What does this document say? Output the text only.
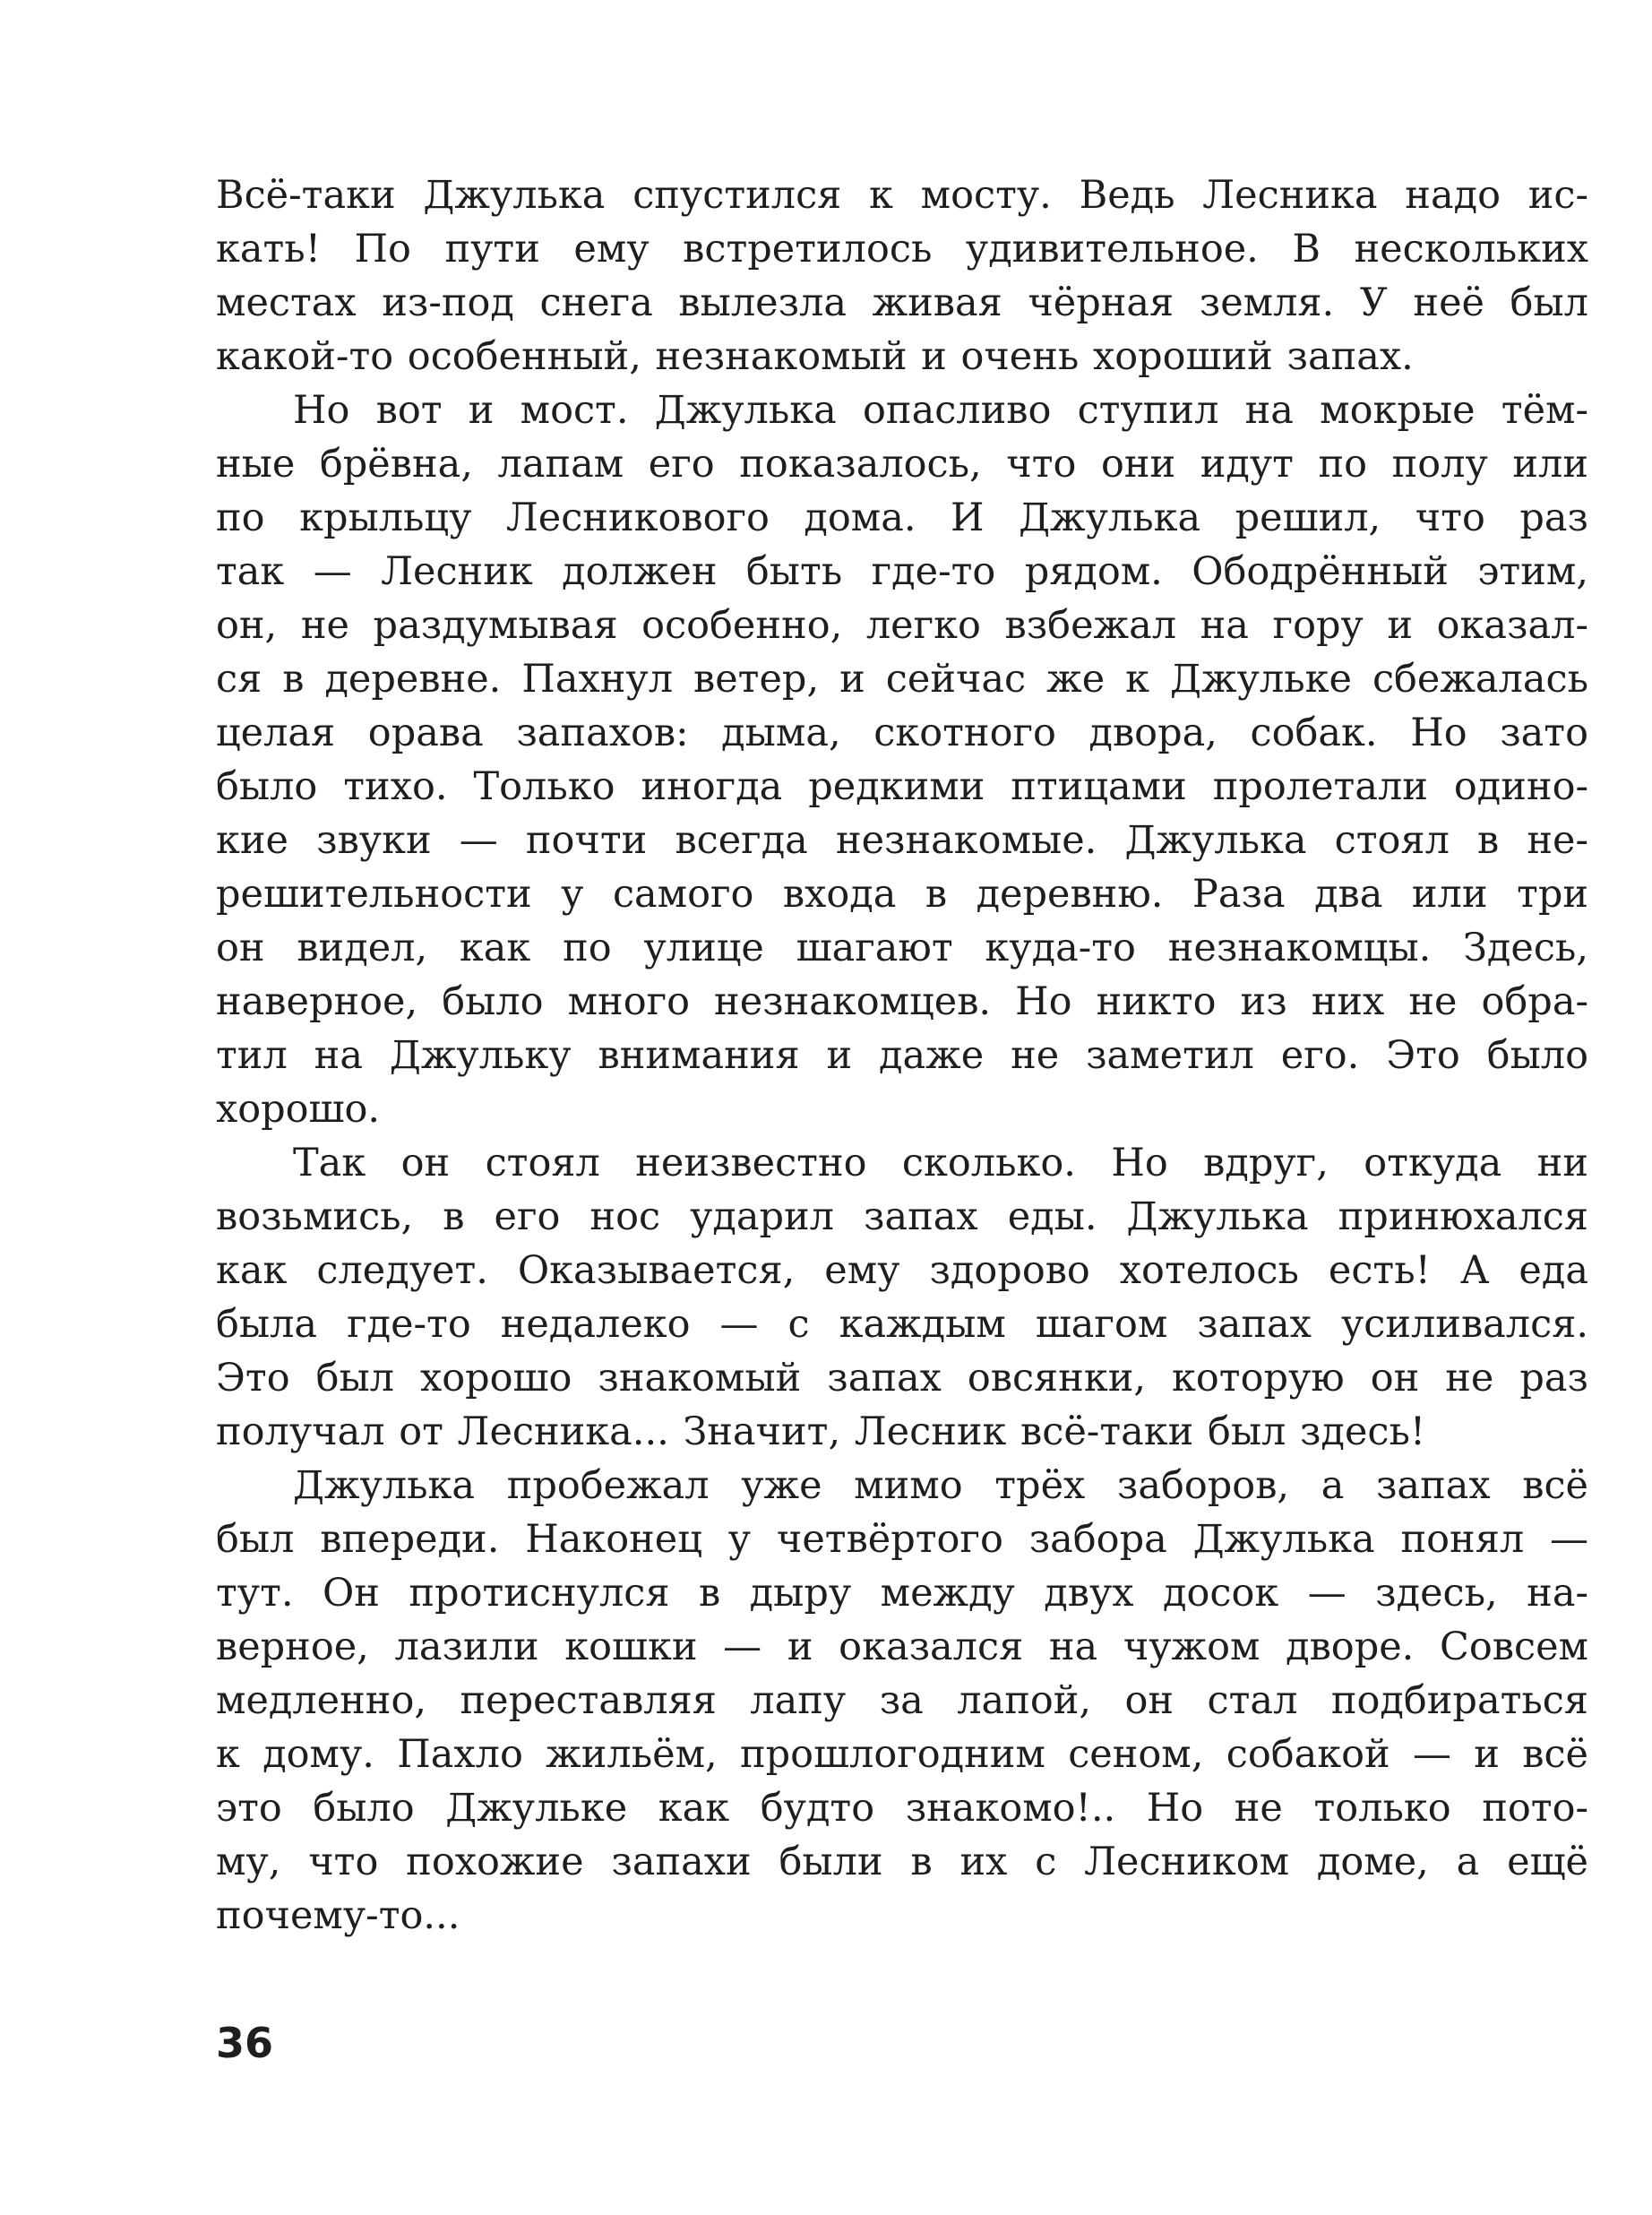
Всё-таки Джулька спустился к мосту. Ведь Лесника надо ис-
кать! По пути ему встретилось удивительное. В нескольких
местах из-под снега вылезла живая чёрная земля. У неё был
какой-то особенный, незнакомый и очень хороший запах.

Но вот и мост. Джулька опасливо ступил на мокрые тём-
ные брёвна, лапам его показалось, что они идут по полу или
по крыльцу Лесникового дома. И Джулька решил, что раз
так — Лесник должен быть где-то рядом. Ободрённый этим,
он, не раздумывая особенно, легко взбежал на гору и оказал-
ся в деревне. Пахнул ветер, и сейчас же к Джульке сбежалась
целая орава запахов: дыма, скотного двора, собак. Но зато
было тихо. Только иногда редкими птицами пролетали одино-
кие звуки — почти всегда незнакомые. Джулька стоял в не-
решительности у самого входа в деревню. Раза два или три
он видел, как по улице шагают куда-то незнакомцы. Здесь,
наверное, было много незнакомцев. Но никто из них не обра-
тил на Джульку внимания и даже не заметил его. Это было
хорошо.

Так он стоял неизвестно сколько. Но вдруг, откуда ни
возьмись, в его нос ударил запах еды. Джулька принюхался
как следует. Оказывается, ему здорово хотелось есть! А еда
была где-то недалеко — с каждым шагом запах усиливался.
Это был хорошо знакомый запах овсянки, которую он не раз
получал от Лесника... Значит, Лесник всё-таки был здесь!

Джулька пробежал уже мимо трёх заборов, а запах всё
был впереди. Наконец у четвёртого забора Джулька понял —
тут. Он протиснулся в дыру между двух досок — здесь, на-
верное, лазили кошки — и оказался на чужом дворе. Совсем
медленно, переставляя лапу за лапой, он стал подбираться
к дому. Пахло жильём, прошлогодним сеном, собакой — и всё
это было Джульке как будто знакомо!.. Но не только пото-
му, что похожие запахи были в их с Лесником доме, а ещё
почему-то...

36
